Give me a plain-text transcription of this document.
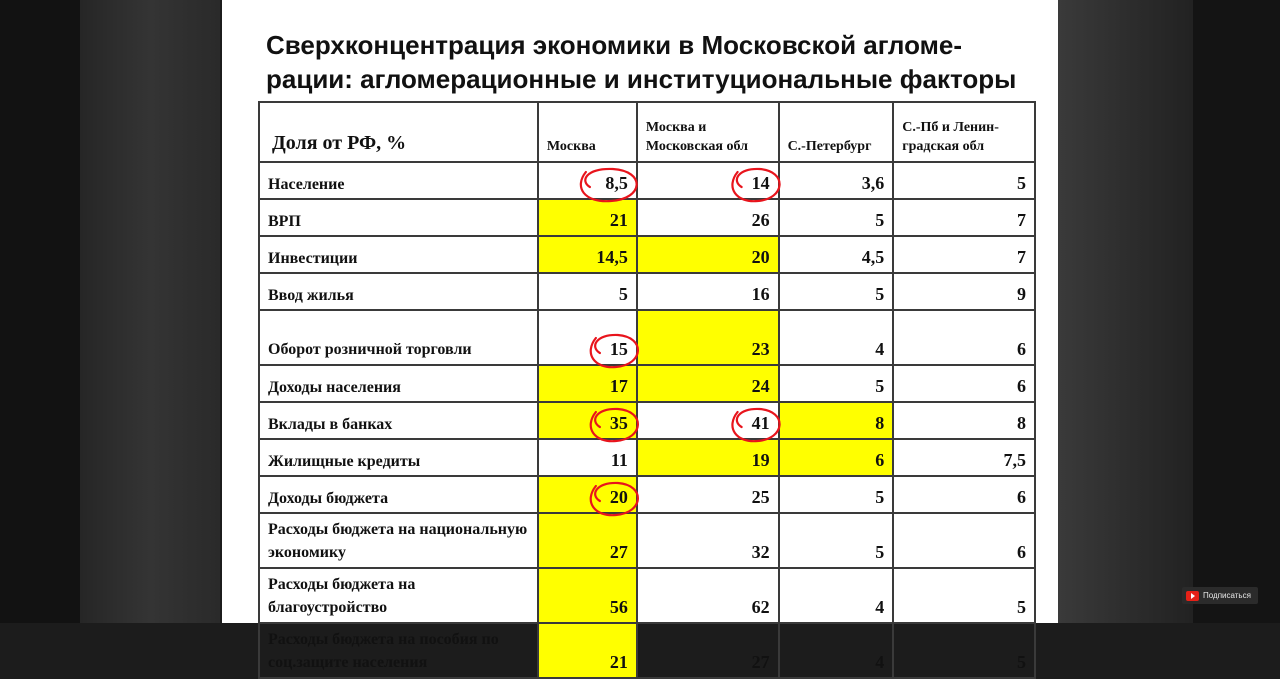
Сверхконцентрация экономики в Московской агломе-
рации: агломерационные и институциональные факторы
Доля от РФ, %	Москва	Москва и Московская обл	С.-Петербург	С.-Пб и Ленин-градская обл
Население	8,5	14	3,6	5
ВРП	21	26	5	7
Инвестиции	14,5	20	4,5	7
Ввод жилья	5	16	5	9
Оборот розничной торговли	15	23	4	6
Доходы населения	17	24	5	6
Вклады в банках	35	41	8	8
Жилищные кредиты	11	19	6	7,5
Доходы бюджета	20	25	5	6
Расходы бюджета на национальную экономику	27	32	5	6
Расходы бюджета на благоустройство	56	62	4	5
Расходы бюджета на пособия по соц.защите населения	21	27	4	5
Подписаться
